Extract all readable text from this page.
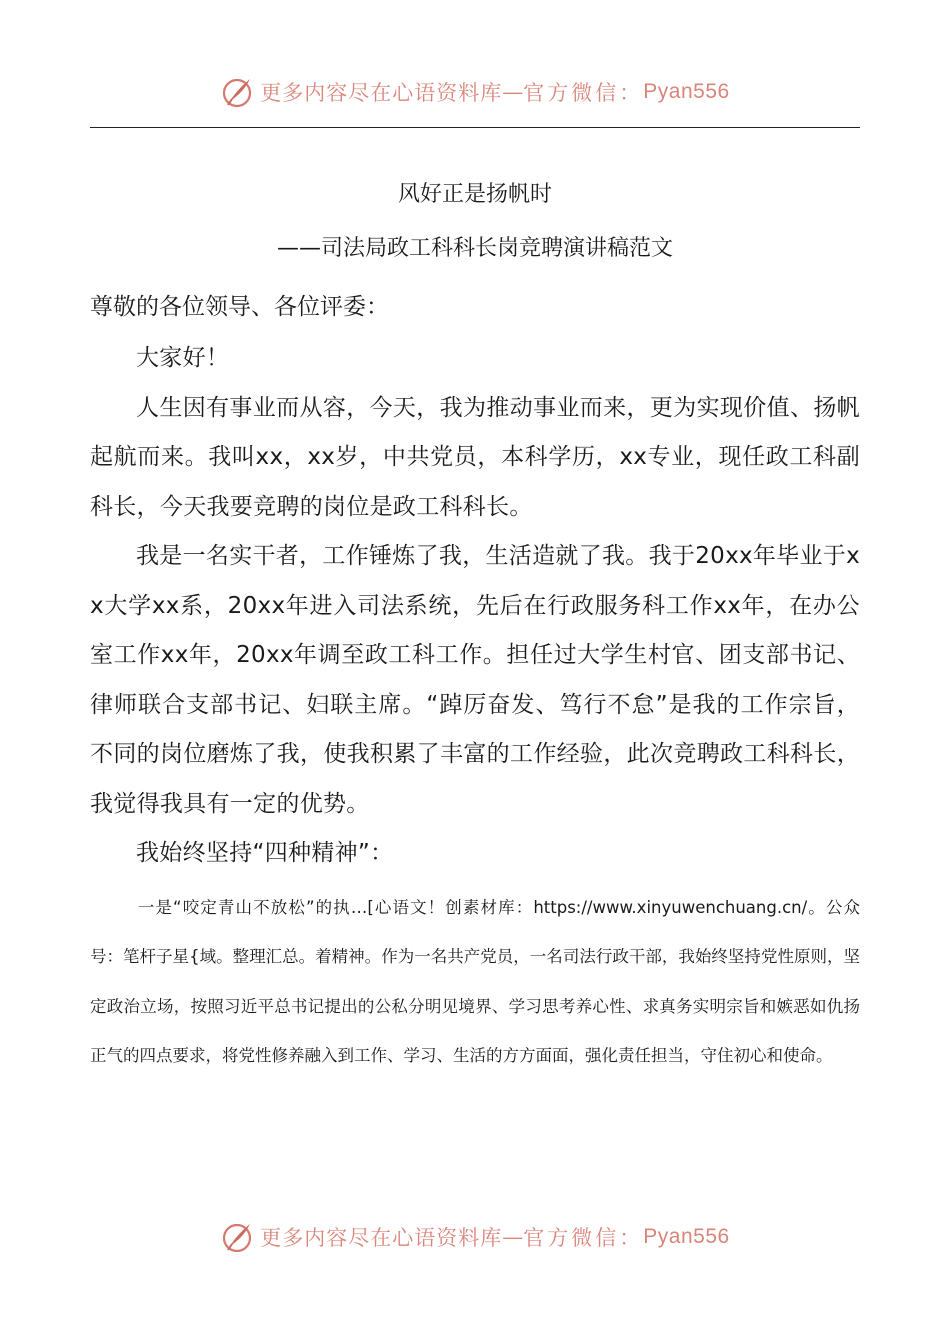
更多内容尽在心语资料库 — 官方微信： Pyan556

风好正是扬帆时

——司法局政工科科长岗竞聘演讲稿范文

尊敬的各位领导、各位评委：

大家好！

人生因有事业而从容，今天，我为推动事业而来，更为实现价值、扬帆起航而来。我叫xx，xx岁，中共党员，本科学历，xx专业，现任政工科副科长，今天我要竞聘的岗位是政工科科长。

我是一名实干者，工作锤炼了我，生活造就了我。我于20xx年毕业于xx大学xx系，20xx年进入司法系统，先后在行政服务科工作xx年，在办公室工作xx年，20xx年调至政工科工作。担任过大学生村官、团支部书记、律师联合支部书记、妇联主席。“踔厉奋发、笃行不怠”是我的工作宗旨，不同的岗位磨炼了我，使我积累了丰富的工作经验，此次竞聘政工科科长，我觉得我具有一定的优势。

我始终坚持“四种精神”：

一是“咬定青山不放松”的执…[心语文！创素材库：https://www.xinyuwenchuang.cn/。公众号：笔杆子星{域。整理汇总。着精神。作为一名共产党员，一名司法行政干部，我始终坚持党性原则，坚定政治立场，按照习近平总书记提出的公私分明见境界、学习思考养心性、求真务实明宗旨和嫉恶如仇扬正气的四点要求，将党性修养融入到工作、学习、生活的方方面面，强化责任担当，守住初心和使命。

更多内容尽在心语资料库 — 官方微信： Pyan556
